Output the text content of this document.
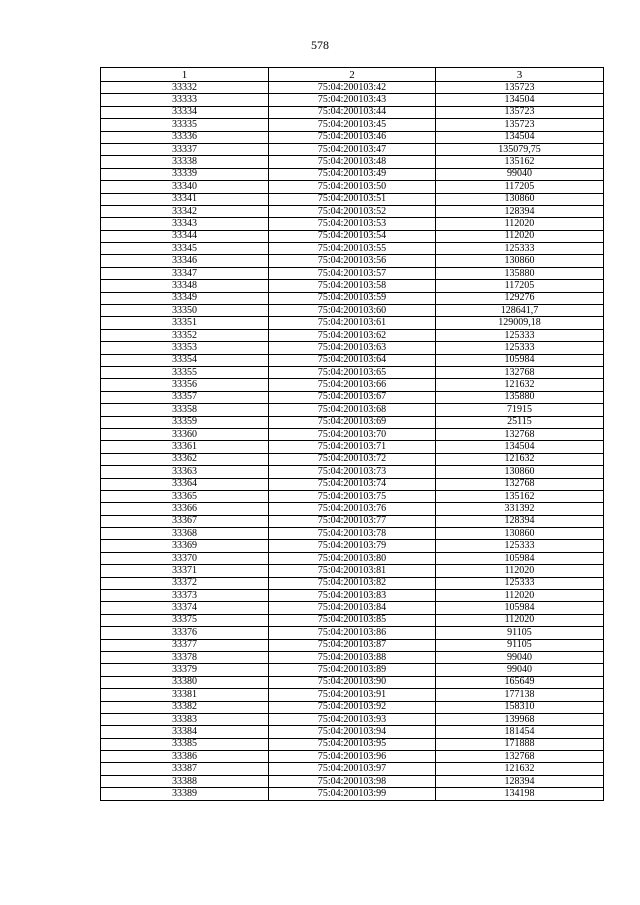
578
1	2	3
33332	75:04:200103:42	135723
33333	75:04:200103:43	134504
33334	75:04:200103:44	135723
33335	75:04:200103:45	135723
33336	75:04:200103:46	134504
33337	75:04:200103:47	135079,75
33338	75:04:200103:48	135162
33339	75:04:200103:49	99040
33340	75:04:200103:50	117205
33341	75:04:200103:51	130860
33342	75:04:200103:52	128394
33343	75:04:200103:53	112020
33344	75:04:200103:54	112020
33345	75:04:200103:55	125333
33346	75:04:200103:56	130860
33347	75:04:200103:57	135880
33348	75:04:200103:58	117205
33349	75:04:200103:59	129276
33350	75:04:200103:60	128641,7
33351	75:04:200103:61	129009,18
33352	75:04:200103:62	125333
33353	75:04:200103:63	125333
33354	75:04:200103:64	105984
33355	75:04:200103:65	132768
33356	75:04:200103:66	121632
33357	75:04:200103:67	135880
33358	75:04:200103:68	71915
33359	75:04:200103:69	25115
33360	75:04:200103:70	132768
33361	75:04:200103:71	134504
33362	75:04:200103:72	121632
33363	75:04:200103:73	130860
33364	75:04:200103:74	132768
33365	75:04:200103:75	135162
33366	75:04:200103:76	331392
33367	75:04:200103:77	128394
33368	75:04:200103:78	130860
33369	75:04:200103:79	125333
33370	75:04:200103:80	105984
33371	75:04:200103:81	112020
33372	75:04:200103:82	125333
33373	75:04:200103:83	112020
33374	75:04:200103:84	105984
33375	75:04:200103:85	112020
33376	75:04:200103:86	91105
33377	75:04:200103:87	91105
33378	75:04:200103:88	99040
33379	75:04:200103:89	99040
33380	75:04:200103:90	165649
33381	75:04:200103:91	177138
33382	75:04:200103:92	158310
33383	75:04:200103:93	139968
33384	75:04:200103:94	181454
33385	75:04:200103:95	171888
33386	75:04:200103:96	132768
33387	75:04:200103:97	121632
33388	75:04:200103:98	128394
33389	75:04:200103:99	134198
